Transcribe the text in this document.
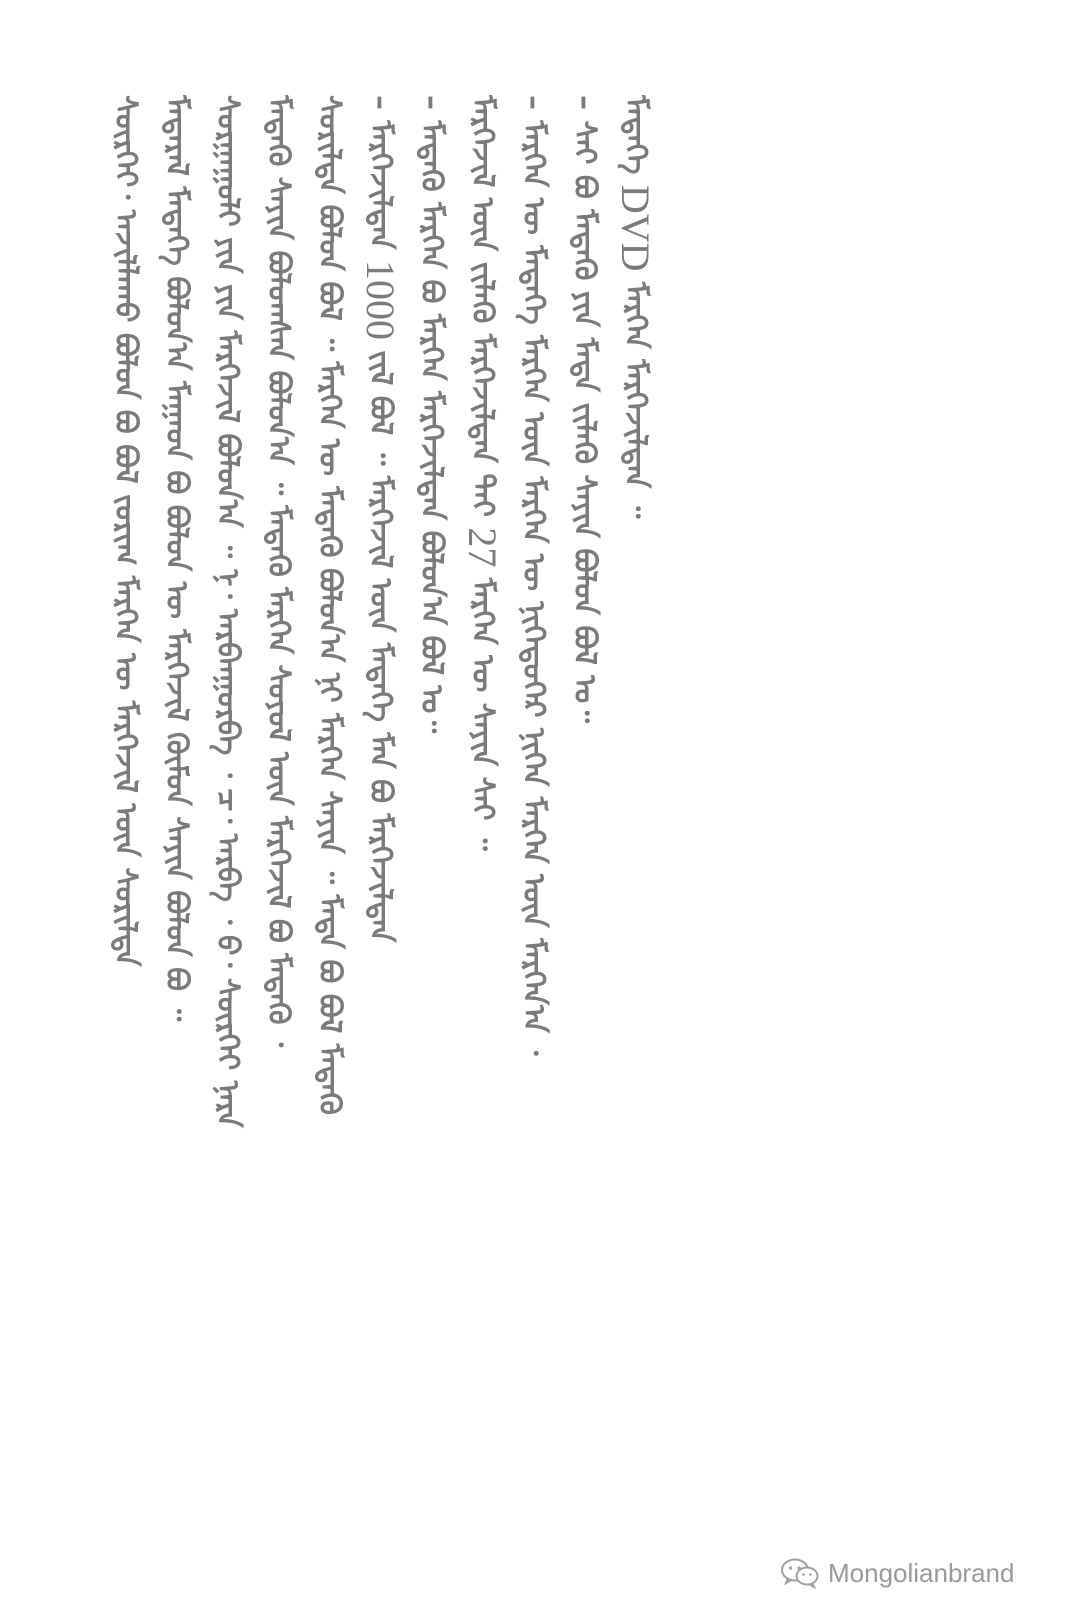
ᠰᠦᠷᠬᠡᠢ᠂ ᠠᠵᠢᠯᠯᠠᠬᠤ ᠪᠣᠯᠤᠨ ᠪᠣ ᠪᠣᠯ ᠵᠣᠷᠢᠭ ᠮᠡᠷᠭᠡᠨ ᠦ ᠮᠡᠷᠭᠡᠵᠢᠯ ᠦᠨ ᠰᠣᠷᠢᠯᠲᠠ ᠮᠡᠳᠡᠷᠡᠯ ᠮᠡᠳᠡᠭᠡ ᠪᠣᠯᠤᠨ᠎ᠠ ᠮᠠᠭᠠᠳ ᠪᠣ ᠪᠣᠯᠤᠨ ᠦ ᠮᠡᠷᠭᠡᠵᠢᠯ ᠬᠦᠮᠦᠨ ᠰᠠᠶᠢᠨ ᠪᠣᠯᠤᠨ ᠪᠣ ᠃ ᠰᠤᠷᠭᠠᠭᠤᠯᠢ ᠶᠢᠨ ᠶᠢᠨ ᠮᠡᠷᠭᠡᠵᠢᠯ ᠪᠣᠯᠤᠨ᠎ᠠ ᠃ ᠨ᠂ ᠠᠷᠪᠠᠨᠭᠤᠷᠪᠠ ᠂ ᠴ᠂ ᠠᠷᠪᠠ ᠂ ᠪ᠂ ᠰᠦᠷᠬᠡᠢ ᠨᠠᠷᠠ ᠮᠡᠳᠡᠬᠦ ᠰᠠᠶᠢᠨ ᠪᠣᠯᠤᠭᠰᠠᠨ ᠪᠣᠯᠤᠨ᠎ᠠ ᠃ ᠮᠡᠳᠡᠬᠦ ᠮᠡᠷᠭᠡᠨ ᠰᠣᠶᠣᠯ ᠦᠨ ᠮᠡᠷᠭᠡᠵᠢᠯ ᠪᠣ ᠮᠡᠳᠡᠬᠦ ᠂ ᠰᠣᠷᠢᠯᠲᠠ ᠪᠣᠯᠤᠨ ᠪᠣᠯ ᠃ ᠮᠡᠷᠭᠡᠨ ᠦ ᠮᠡᠳᠡᠬᠦ ᠪᠣᠯᠤᠨ᠎ᠠ ᠨᠢ ᠮᠡᠷᠭᠡᠨ ᠰᠠᠶᠢᠨ ᠃ ᠮᠡᠳᠡ ᠪᠣ ᠪᠣᠯ ᠮᠡᠳᠡᠬᠦ – ᠮᠡᠷᠭᠡᠵᠢᠯᠲᠡᠨ 1000 ᠵᠢᠯ ᠪᠣᠯ ᠃ ᠮᠡᠷᠭᠡᠵᠢᠯ ᠦᠨ ᠮᠡᠳᠡᠭᠡ ᠮᠡᠨ ᠪᠣ ᠮᠡᠷᠭᠡᠵᠢᠯᠲᠡᠨ – ᠮᠡᠳᠡᠬᠦ ᠮᠡᠷᠭᠡᠨ ᠪᠣ ᠮᠡᠷᠭᠡᠨ ᠮᠡᠷᠭᠡᠵᠢᠯᠲᠡᠨ ᠪᠣᠯᠤᠨ᠎ᠠ ᠪᠣᠯ ᠤ᠃ ᠮᠡᠷᠭᠡᠵᠢᠯ ᠦᠨ ᠵᠢᠯᠡᠬᠦ ᠮᠡᠷᠭᠡᠵᠢᠯᠲᠡᠨ ᠲᠠᠢ 27 ᠮᠡᠷᠭᠡᠨ ᠦ ᠰᠠᠶᠢᠨ ᠰᠠᠢ ᠃ – ᠮᠡᠷᠭᠡᠨ ᠦ ᠮᠡᠳᠡᠭᠡ ᠮᠡᠷᠭᠡᠨ ᠦᠨ ᠮᠡᠷᠭᠡᠨ ᠦ ᠨᠢᠭᠡᠳᠦᠭᠡᠷ ᠨᠢᠭᠡᠨ ᠮᠡᠷᠭᠡᠨ ᠦᠨ ᠮᠡᠷᠭᠡᠨ᠎ᠠ ᠂ – ᠰᠠᠢ ᠪᠣ ᠮᠡᠳᠡᠬᠦ ᠶᠢᠨ ᠮᠡᠳᠡ ᠵᠢᠯᠡᠬᠦ ᠰᠠᠶᠢᠨ ᠪᠣᠯᠤᠨ ᠪᠣᠯ ᠤ᠃ ᠮᠡᠳᠡᠭᠡ DVD ᠮᠡᠷᠭᠡᠨ ᠮᠡᠷᠭᠡᠵᠢᠯᠲᠡᠨ ᠃
Mongolianbrand
